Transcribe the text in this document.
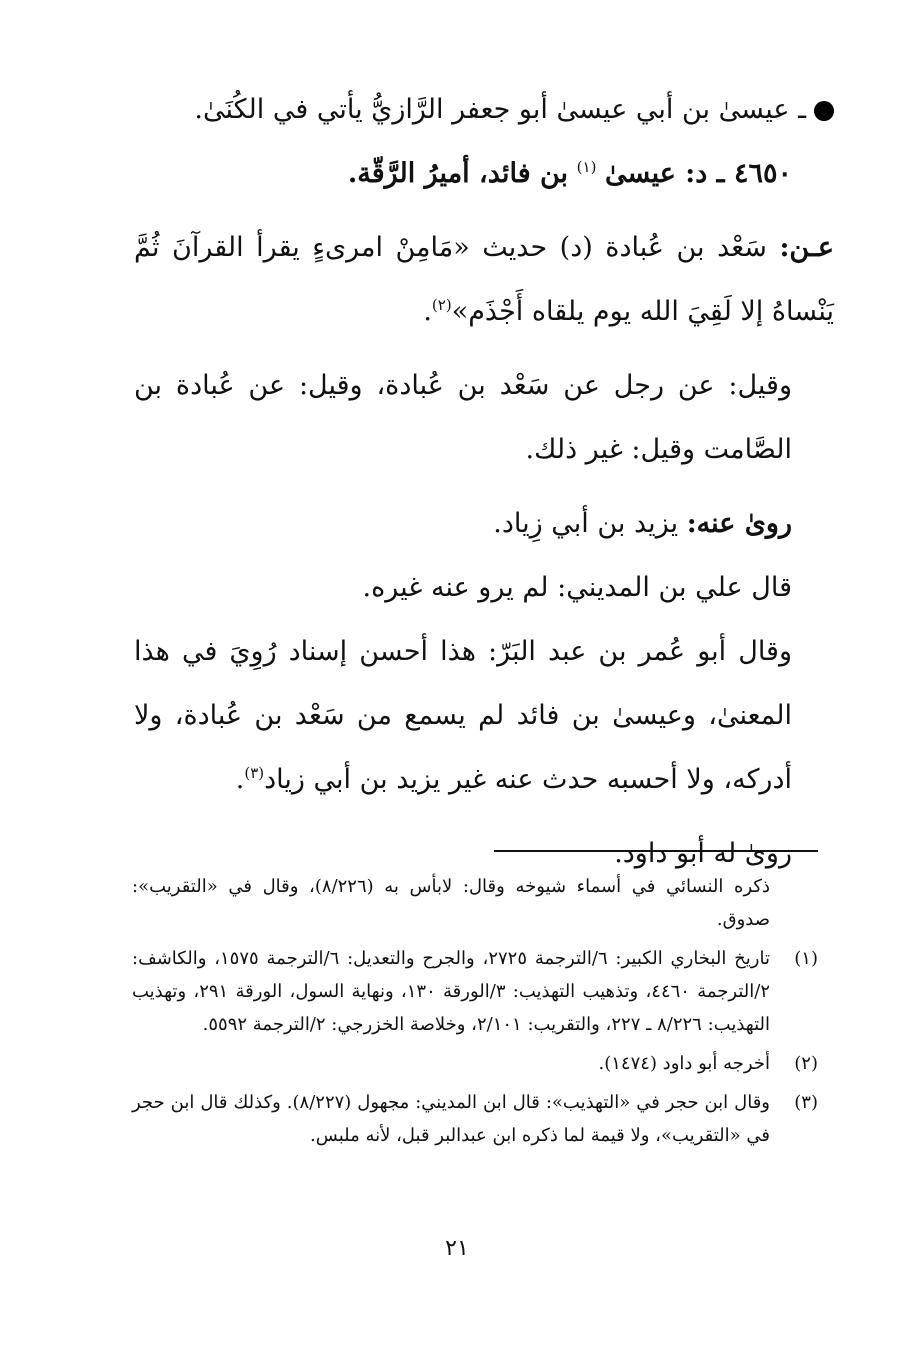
ـ عيسىٰ بن أبي عيسىٰ أبو جعفر الرَّازيُّ يأتي في الكُنَىٰ.

٤٦٥٠ ـ د: عيسىٰ $^{(١)}$ بن فائد، أميرُ الرَّقّة.

عـن: سَعْد بن عُبادة (د) حديث «مَامِنْ امرىءٍ يقرأ القرآنَ ثُمَّ يَنْساهُ إلا لَقِيَ الله يوم يلقاه أَجْذَم»$^{(٢)}$.

وقيل: عن رجل عن سَعْد بن عُبادة، وقيل: عن عُبادة بن الصَّامت وقيل: غير ذلك.

روىٰ عنه: يزيد بن أبي زِياد.

قال علي بن المديني: لم يرو عنه غيره.

وقال أبو عُمر بن عبد البَرّ: هذا أحسن إسناد رُوِيَ في هذا المعنىٰ، وعيسىٰ بن فائد لم يسمع من سَعْد بن عُبادة، ولا أدركه، ولا أحسبه حدث عنه غير يزيد بن أبي زياد$^{(٣)}$.

روىٰ له أبو داود.

ذكره النسائي في أسماء شيوخه وقال: لابأس به (٨/٢٢٦)، وقال في «التقريب»: صدوق.
(١)
تاريخ البخاري الكبير: ٦/الترجمة ٢٧٢٥، والجرح والتعديل: ٦/الترجمة ١٥٧٥، والكاشف: ٢/الترجمة ٤٤٦٠، وتذهيب التهذيب: ٣/الورقة ١٣٠، ونهاية السول، الورقة ٢٩١، وتهذيب التهذيب: ٨/٢٢٦ ـ ٢٢٧، والتقريب: ٢/١٠١، وخلاصة الخزرجي: ٢/الترجمة ٥٥٩٢.
(٢)
أخرجه أبو داود (١٤٧٤).
(٣)
وقال ابن حجر في «التهذيب»: قال ابن المديني: مجهول (٨/٢٢٧). وكذلك قال ابن حجر في «التقريب»، ولا قيمة لما ذكره ابن عبدالبر قبل، لأنه ملبس.
٢١
